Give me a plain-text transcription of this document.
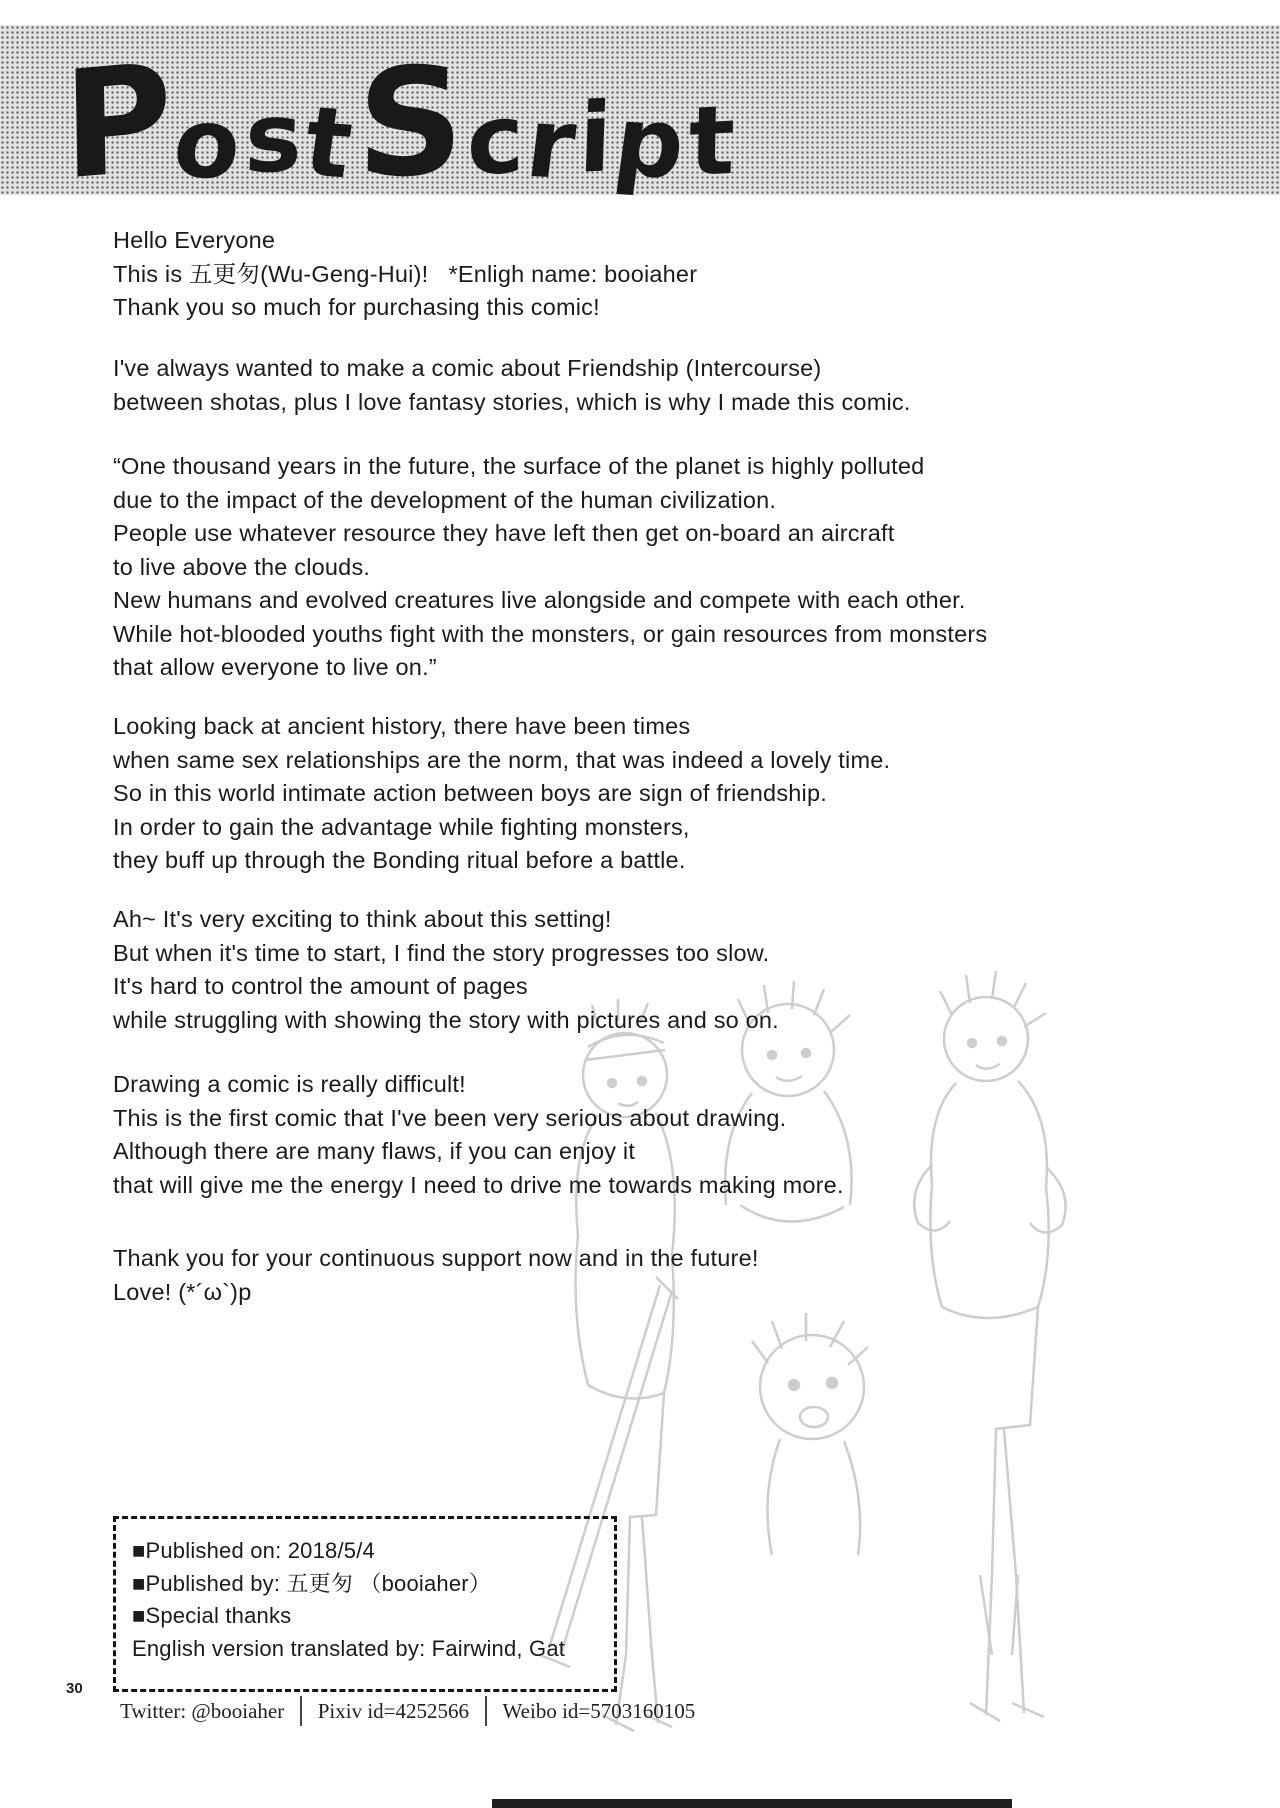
PostScript
Hello Everyone
This is 五更匇(Wu-Geng-Hui)!   *Enligh name: booiaher
Thank you so much for purchasing this comic!
I've always wanted to make a comic about Friendship (Intercourse)
between shotas, plus I love fantasy stories, which is why I made this comic.
“One thousand years in the future, the surface of the planet is highly polluted
due to the impact of the development of the human civilization.
People use whatever resource they have left then get on-board an aircraft
to live above the clouds.
New humans and evolved creatures live alongside and compete with each other.
While hot-blooded youths fight with the monsters, or gain resources from monsters
that allow everyone to live on.”
Looking back at ancient history, there have been times
when same sex relationships are the norm, that was indeed a lovely time.
So in this world intimate action between boys are sign of friendship.
In order to gain the advantage while fighting monsters,
they buff up through the Bonding ritual before a battle.
Ah~ It's very exciting to think about this setting!
But when it's time to start, I find the story progresses too slow.
It's hard to control the amount of pages
while struggling with showing the story with pictures and so on.
Drawing a comic is really difficult!
This is the first comic that I've been very serious about drawing.
Although there are many flaws, if you can enjoy it
that will give me the energy I need to drive me towards making more.
Thank you for your continuous support now and in the future!
Love! (*´ω`)p
■Published on: 2018/5/4
■Published by: 五更匇 （booiaher）
■Special thanks
English version translated by: Fairwind, Gat
30
Twitter: @booiaher Pixiv id=4252566 Weibo id=5703160105
